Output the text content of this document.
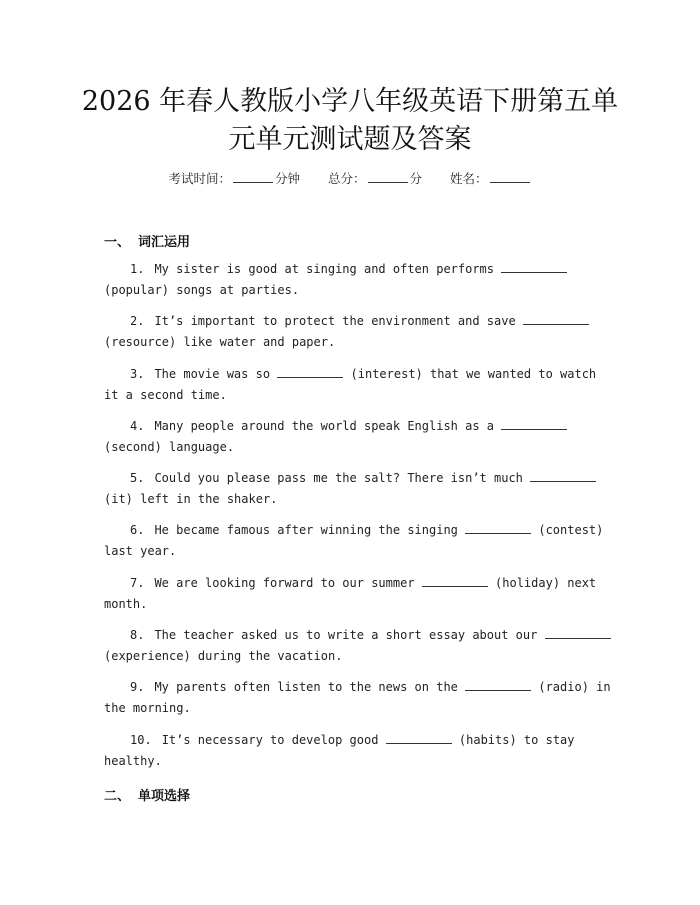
2026 年春人教版小学八年级英语下册第五单
元单元测试题及答案
考试时间：	分钟 总分：	分 姓名：
一、 词汇运用
1. My sister is good at singing and often performs
(popular) songs at parties.
2. It’s important to protect the environment and save
(resource) like water and paper.
3. The movie was so	(interest) that we wanted to watch
it a second time.
4. Many people around the world speak English as a
(second) language.
5. Could you please pass me the salt? There isn’t much
(it) left in the shaker.
6. He became famous after winning the singing	(contest)
last year.
7. We are looking forward to our summer	(holiday) next
month.
8. The teacher asked us to write a short essay about our
(experience) during the vacation.
9. My parents often listen to the news on the	(radio) in
the morning.
10. It’s necessary to develop good	(habits) to stay
healthy.
二、 单项选择
